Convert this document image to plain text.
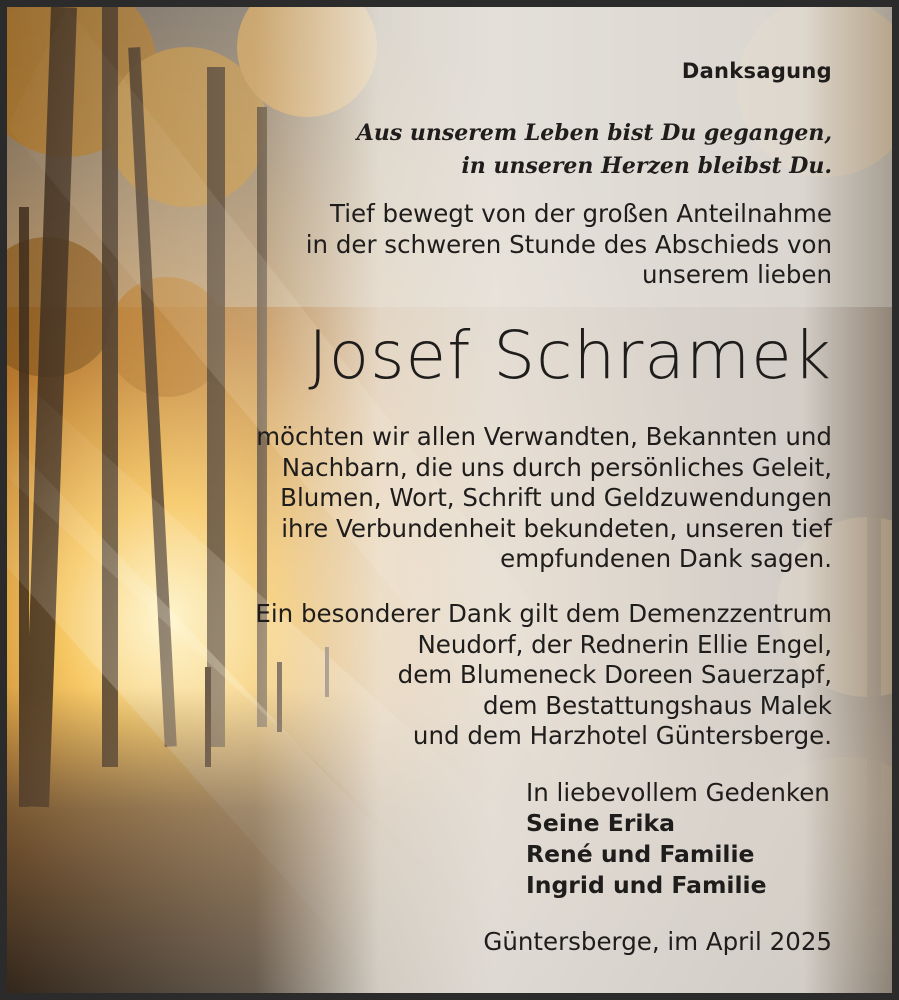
Danksagung
Aus unserem Leben bist Du gegangen,
in unseren Herzen bleibst Du.
Tief bewegt von der großen Anteilnahme
in der schweren Stunde des Abschieds von
unserem lieben
Josef Schramek
möchten wir allen Verwandten, Bekannten und
Nachbarn, die uns durch persönliches Geleit,
Blumen, Wort, Schrift und Geldzuwendungen
ihre Verbundenheit bekundeten, unseren tief
empfundenen Dank sagen.
Ein besonderer Dank gilt dem Demenzzentrum
Neudorf, der Rednerin Ellie Engel,
dem Blumeneck Doreen Sauerzapf,
dem Bestattungshaus Malek
und dem Harzhotel Güntersberge.
In liebevollem Gedenken
Seine Erika
René und Familie
Ingrid und Familie
Güntersberge, im April 2025
